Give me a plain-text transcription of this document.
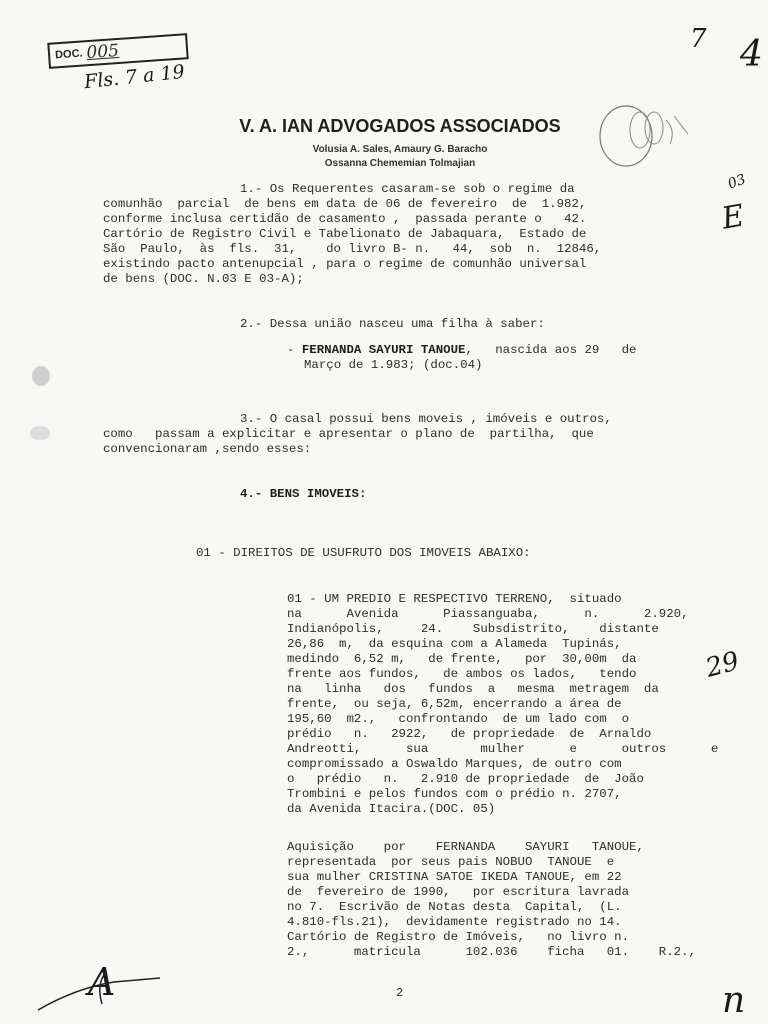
DOC. 005
Fls. 7 a 19
7 4
03
E
29
A	n
V. A. IAN ADVOGADOS ASSOCIADOS
Volusia A. Sales, Amaury G. Baracho
Ossanna Chememian Tolmajian
1.- Os Requerentes casaram-se sob o regime da
comunhão  parcial  de bens em data de 06 de fevereiro  de  1.982,
conforme inclusa certidão de casamento ,  passada perante o   42.
Cartório de Registro Civil e Tabelionato de Jabaquara,  Estado de
São  Paulo,  às  fls.  31,    do livro B- n.   44,  sob  n.  12846,
existindo pacto antenupcial , para o regime de comunhão universal
de bens (DOC. N.03 E 03-A);
2.- Dessa união nasceu uma filha à saber:
- FERNANDA SAYURI TANOUE,   nascida aos 29   de
Março de 1.983; (doc.04)
3.- O casal possui bens moveis , imóveis e outros,
como   passam a explicitar e apresentar o plano de  partilha,  que
convencionaram ,sendo esses:
4.- BENS IMOVEIS:
01 - DIREITOS DE USUFRUTO DOS IMOVEIS ABAIXO:
01 - UM PREDIO E RESPECTIVO TERRENO,  situado
na      Avenida      Piassanguaba,      n.      2.920,
Indianópolis,     24.    Subsdistrito,    distante
26,86  m,  da esquina com a Alameda  Tupinás,
medindo  6,52 m,   de frente,   por  30,00m  da
frente aos fundos,   de ambos os lados,   tendo
na   linha   dos   fundos  a   mesma  metragem  da
frente,  ou seja, 6,52m, encerrando a área de
195,60  m2.,   confrontando  de um lado com  o
prédio   n.   2922,   de propriedade  de  Arnaldo
Andreotti,      sua       mulher      e      outros      e
compromissado a Oswaldo Marques, de outro com
o   prédio   n.   2.910 de propriedade  de  João
Trombini e pelos fundos com o prédio n. 2707,
da Avenida Itacira.(DOC. 05)
Aquisição    por    FERNANDA    SAYURI   TANOUE,
representada  por seus pais NOBUO  TANOUE  e
sua mulher CRISTINA SATOE IKEDA TANOUE, em 22
de  fevereiro de 1990,   por escritura lavrada
no 7.  Escrivão de Notas desta  Capital,  (L.
4.810-fls.21),  devidamente registrado no 14.
Cartório de Registro de Imóveis,   no livro n.
2.,      matricula      102.036    ficha   01.    R.2.,
2
